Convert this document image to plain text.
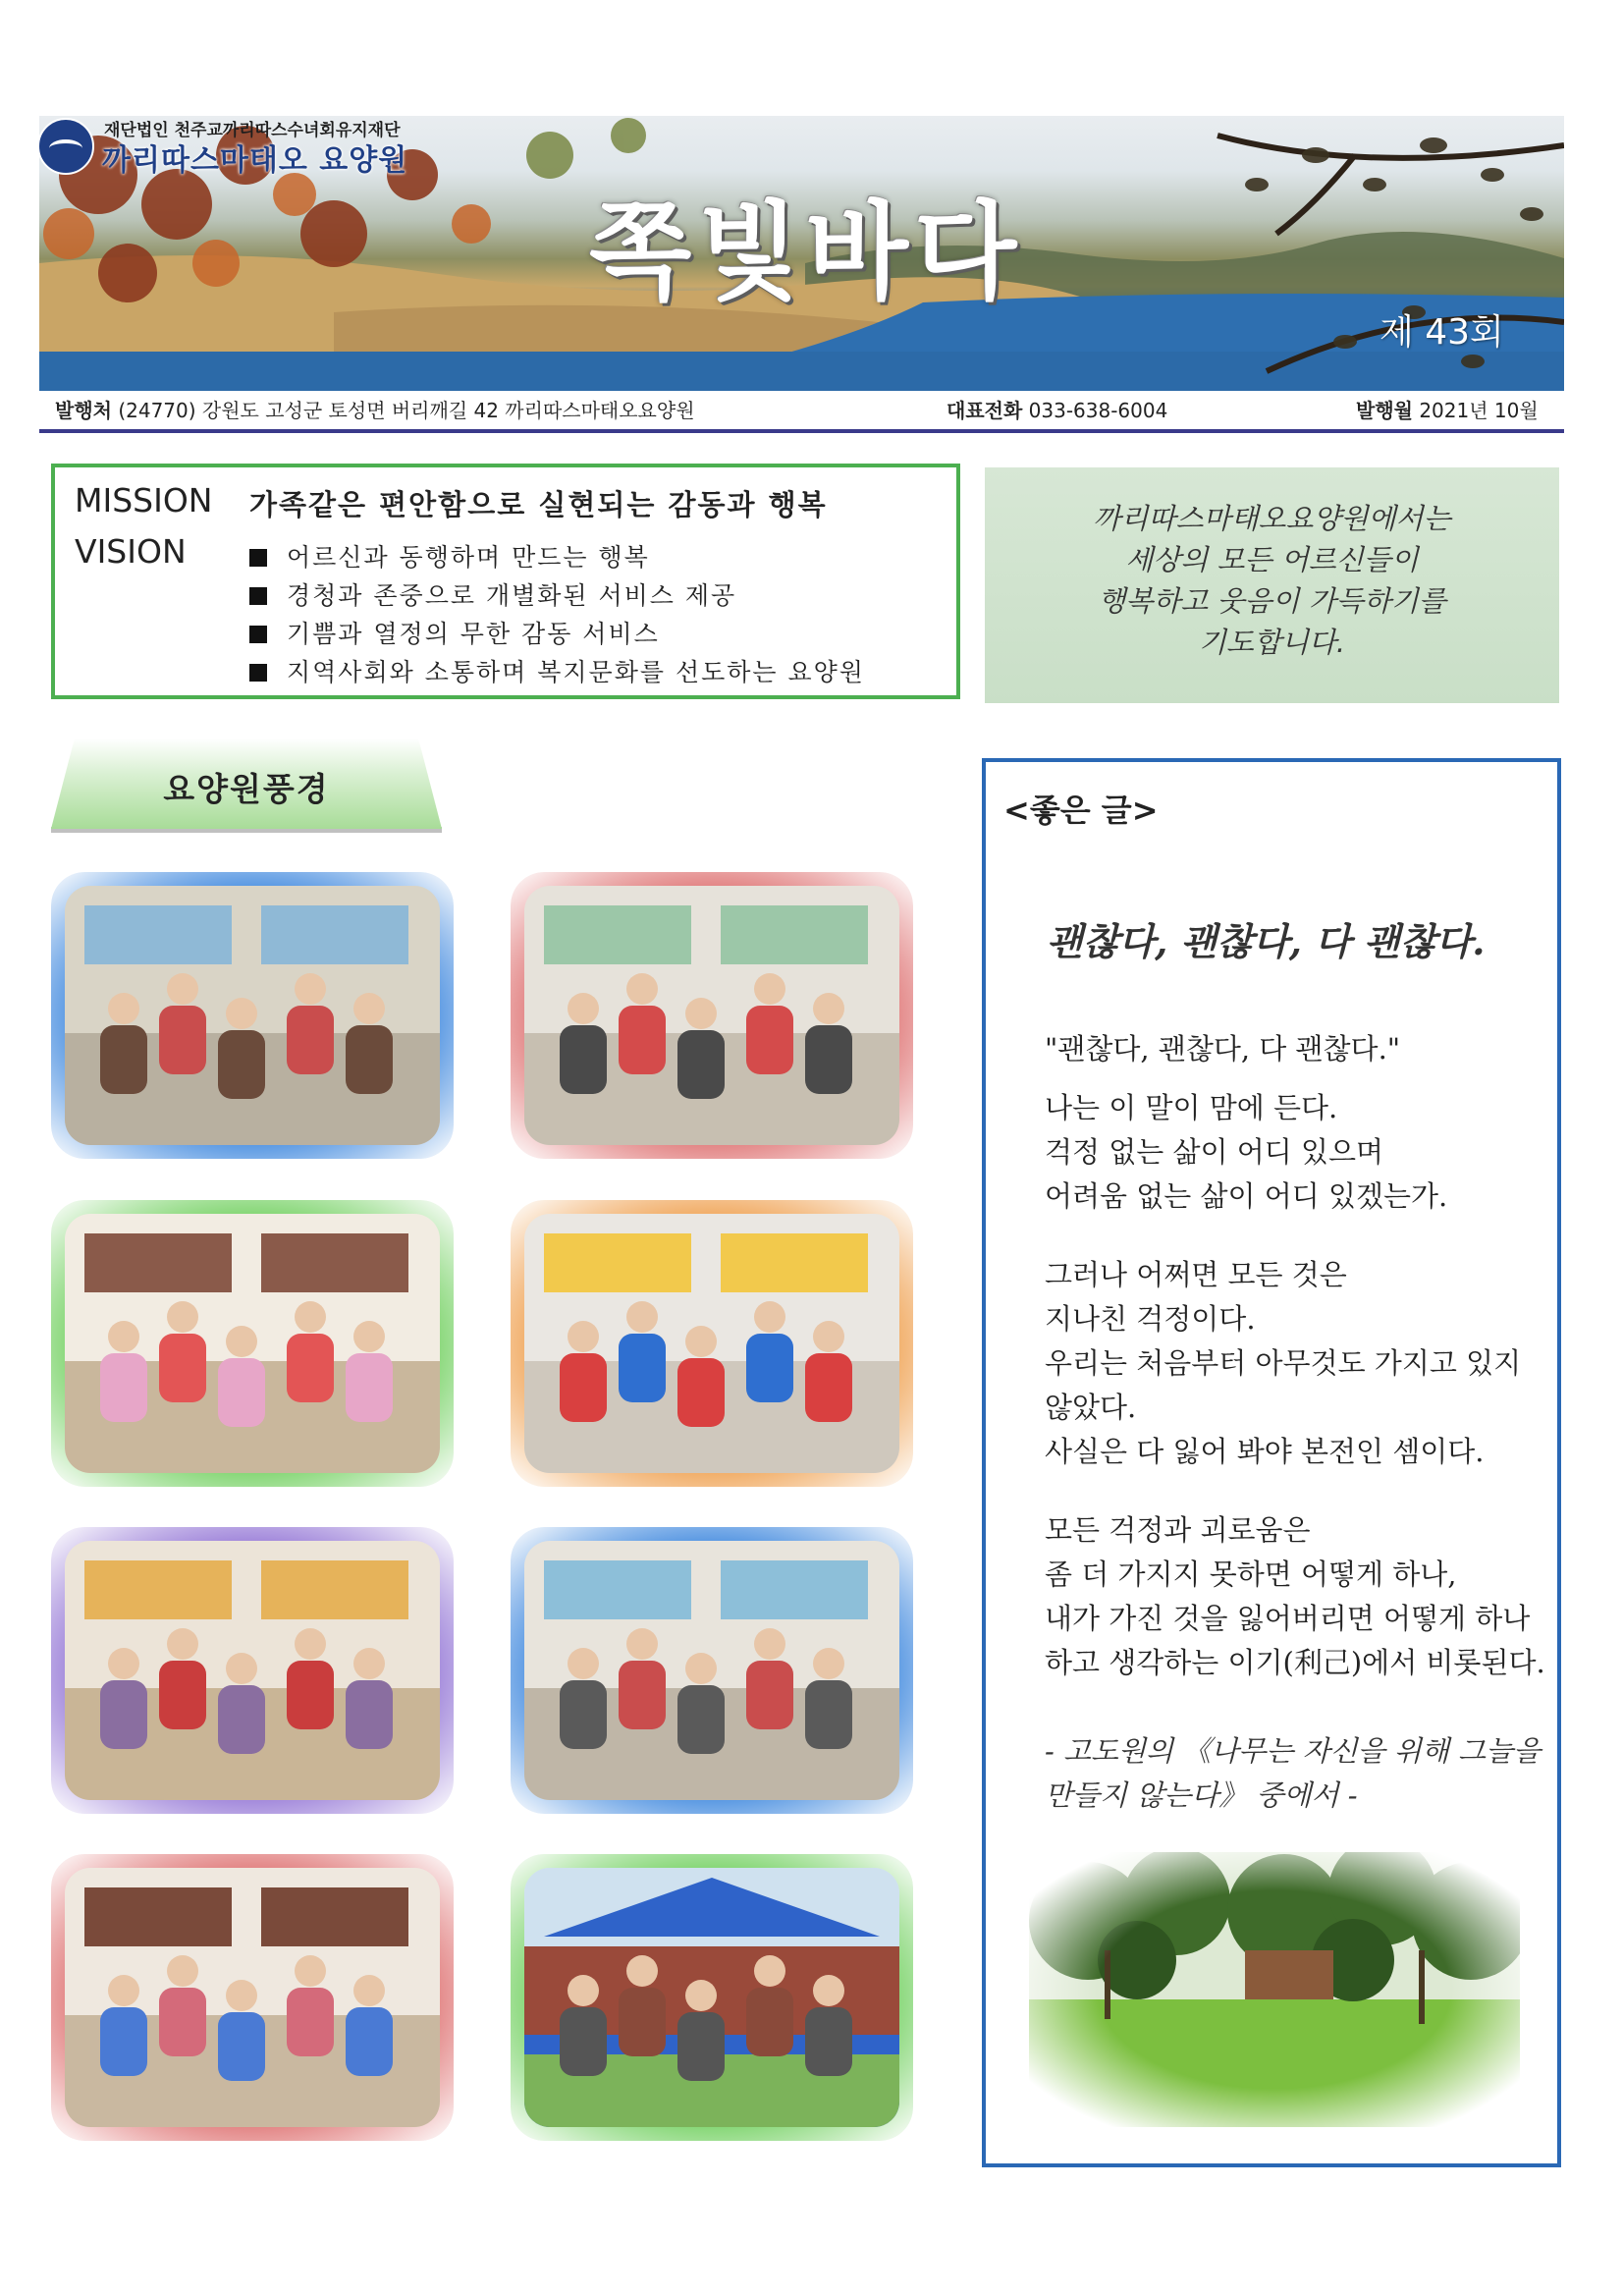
재단법인 천주교까리따스수녀회유지재단
까리따스마태오 요양원
쪽빛바다
제 43회
발행처 (24770) 강원도 고성군 토성면 버리깨길 42 까리따스마태오요양원	대표전화 033-638-6004	발행월 2021년 10월
MISSION 가족같은 편안함으로 실현되는 감동과 행복
VISION	어르신과 동행하며 만드는 행복
경청과 존중으로 개별화된 서비스 제공
기쁨과 열정의 무한 감동 서비스
지역사회와 소통하며 복지문화를 선도하는 요양원
까리따스마태오요양원에서는
세상의 모든 어르신들이
행복하고 웃음이 가득하기를
기도합니다.
요양원풍경
<좋은 글>
괜찮다, 괜찮다, 다 괜찮다.
"괜찮다, 괜찮다, 다 괜찮다."
나는 이 말이 맘에 든다.
걱정 없는 삶이 어디 있으며
어려움 없는 삶이 어디 있겠는가.
그러나 어쩌면 모든 것은
지나친 걱정이다.
우리는 처음부터 아무것도 가지고 있지
않았다.
사실은 다 잃어 봐야 본전인 셈이다.
모든 걱정과 괴로움은
좀 더 가지지 못하면 어떻게 하나,
내가 가진 것을 잃어버리면 어떻게 하나
하고 생각하는 이기(利己)에서 비롯된다.
- 고도원의 《나무는 자신을 위해 그늘을
만들지 않는다》 중에서 -
